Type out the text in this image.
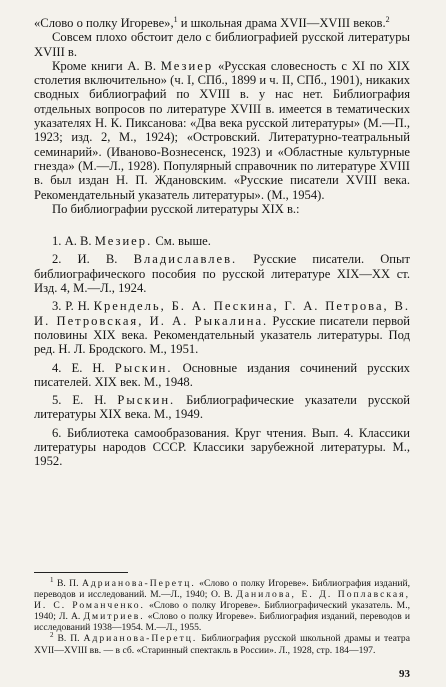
«Слово о полку Игореве»,$^1$ и школьная драма XVII—XVIII веков.$^2$

Совсем плохо обстоит дело с библиографией русской литературы XVIII в.

Кроме книги А. В. Мезиер «Русская словесность с XI по XIX столетия включительно» (ч. I, СПб., 1899 и ч. II, СПб., 1901), никаких сводных библиографий по XVIII в. у нас нет. Библиография отдельных вопросов по литературе XVIII в. имеется в тематических указателях Н. К. Пиксанова: «Два века русской литературы» (М.—П., 1923; изд. 2, М., 1924); «Островский. Литературно-театральный семинарий». (Иваново-Вознесенск, 1923) и «Областные культурные гнезда» (М.—Л., 1928). Популярный справочник по литературе XVIII в. был издан Н. П. Ждановским. «Русские писатели XVIII века. Рекомендательный указатель литературы». (М., 1954).

По библиографии русской литературы XIX в.:

1. А. В. Мезиер. См. выше.

2. И. В. Владиславлев. Русские писатели. Опыт библиографического пособия по русской литературе XIX—XX ст. Изд. 4, М.—Л., 1924.

3. Р. Н. Крендель, Б. А. Пескина, Г. А. Петрова, В. И. Петровская, И. А. Рыкалина. Русские писатели первой половины XIX века. Рекомендательный указатель литературы. Под ред. Н. Л. Бродского. М., 1951.

4. Е. Н. Рыскин. Основные издания сочинений русских писателей. XIX век. М., 1948.

5. Е. Н. Рыскин. Библиографические указатели русской литературы XIX века. М., 1949.

6. Библиотека самообразования. Круг чтения. Вып. 4. Классики литературы народов СССР. Классики зарубежной литературы. М., 1952.

$^1$ В. П. Адрианова-Перетц. «Слово о полку Игореве». Библиография изданий, переводов и исследований. М.—Л., 1940; О. В. Данилова, Е. Д. Поплавская, И. С. Романченко. «Слово о полку Игореве». Библиографический указатель. М., 1940; Л. А. Дмитриев. «Слово о полку Игореве». Библиография изданий, переводов и исследований 1938—1954. М.—Л., 1955.

$^2$ В. П. Адрианова-Перетц. Библиография русской школьной драмы и театра XVII—XVIII вв. — в сб. «Старинный спектакль в России». Л., 1928, стр. 184—197.

93
